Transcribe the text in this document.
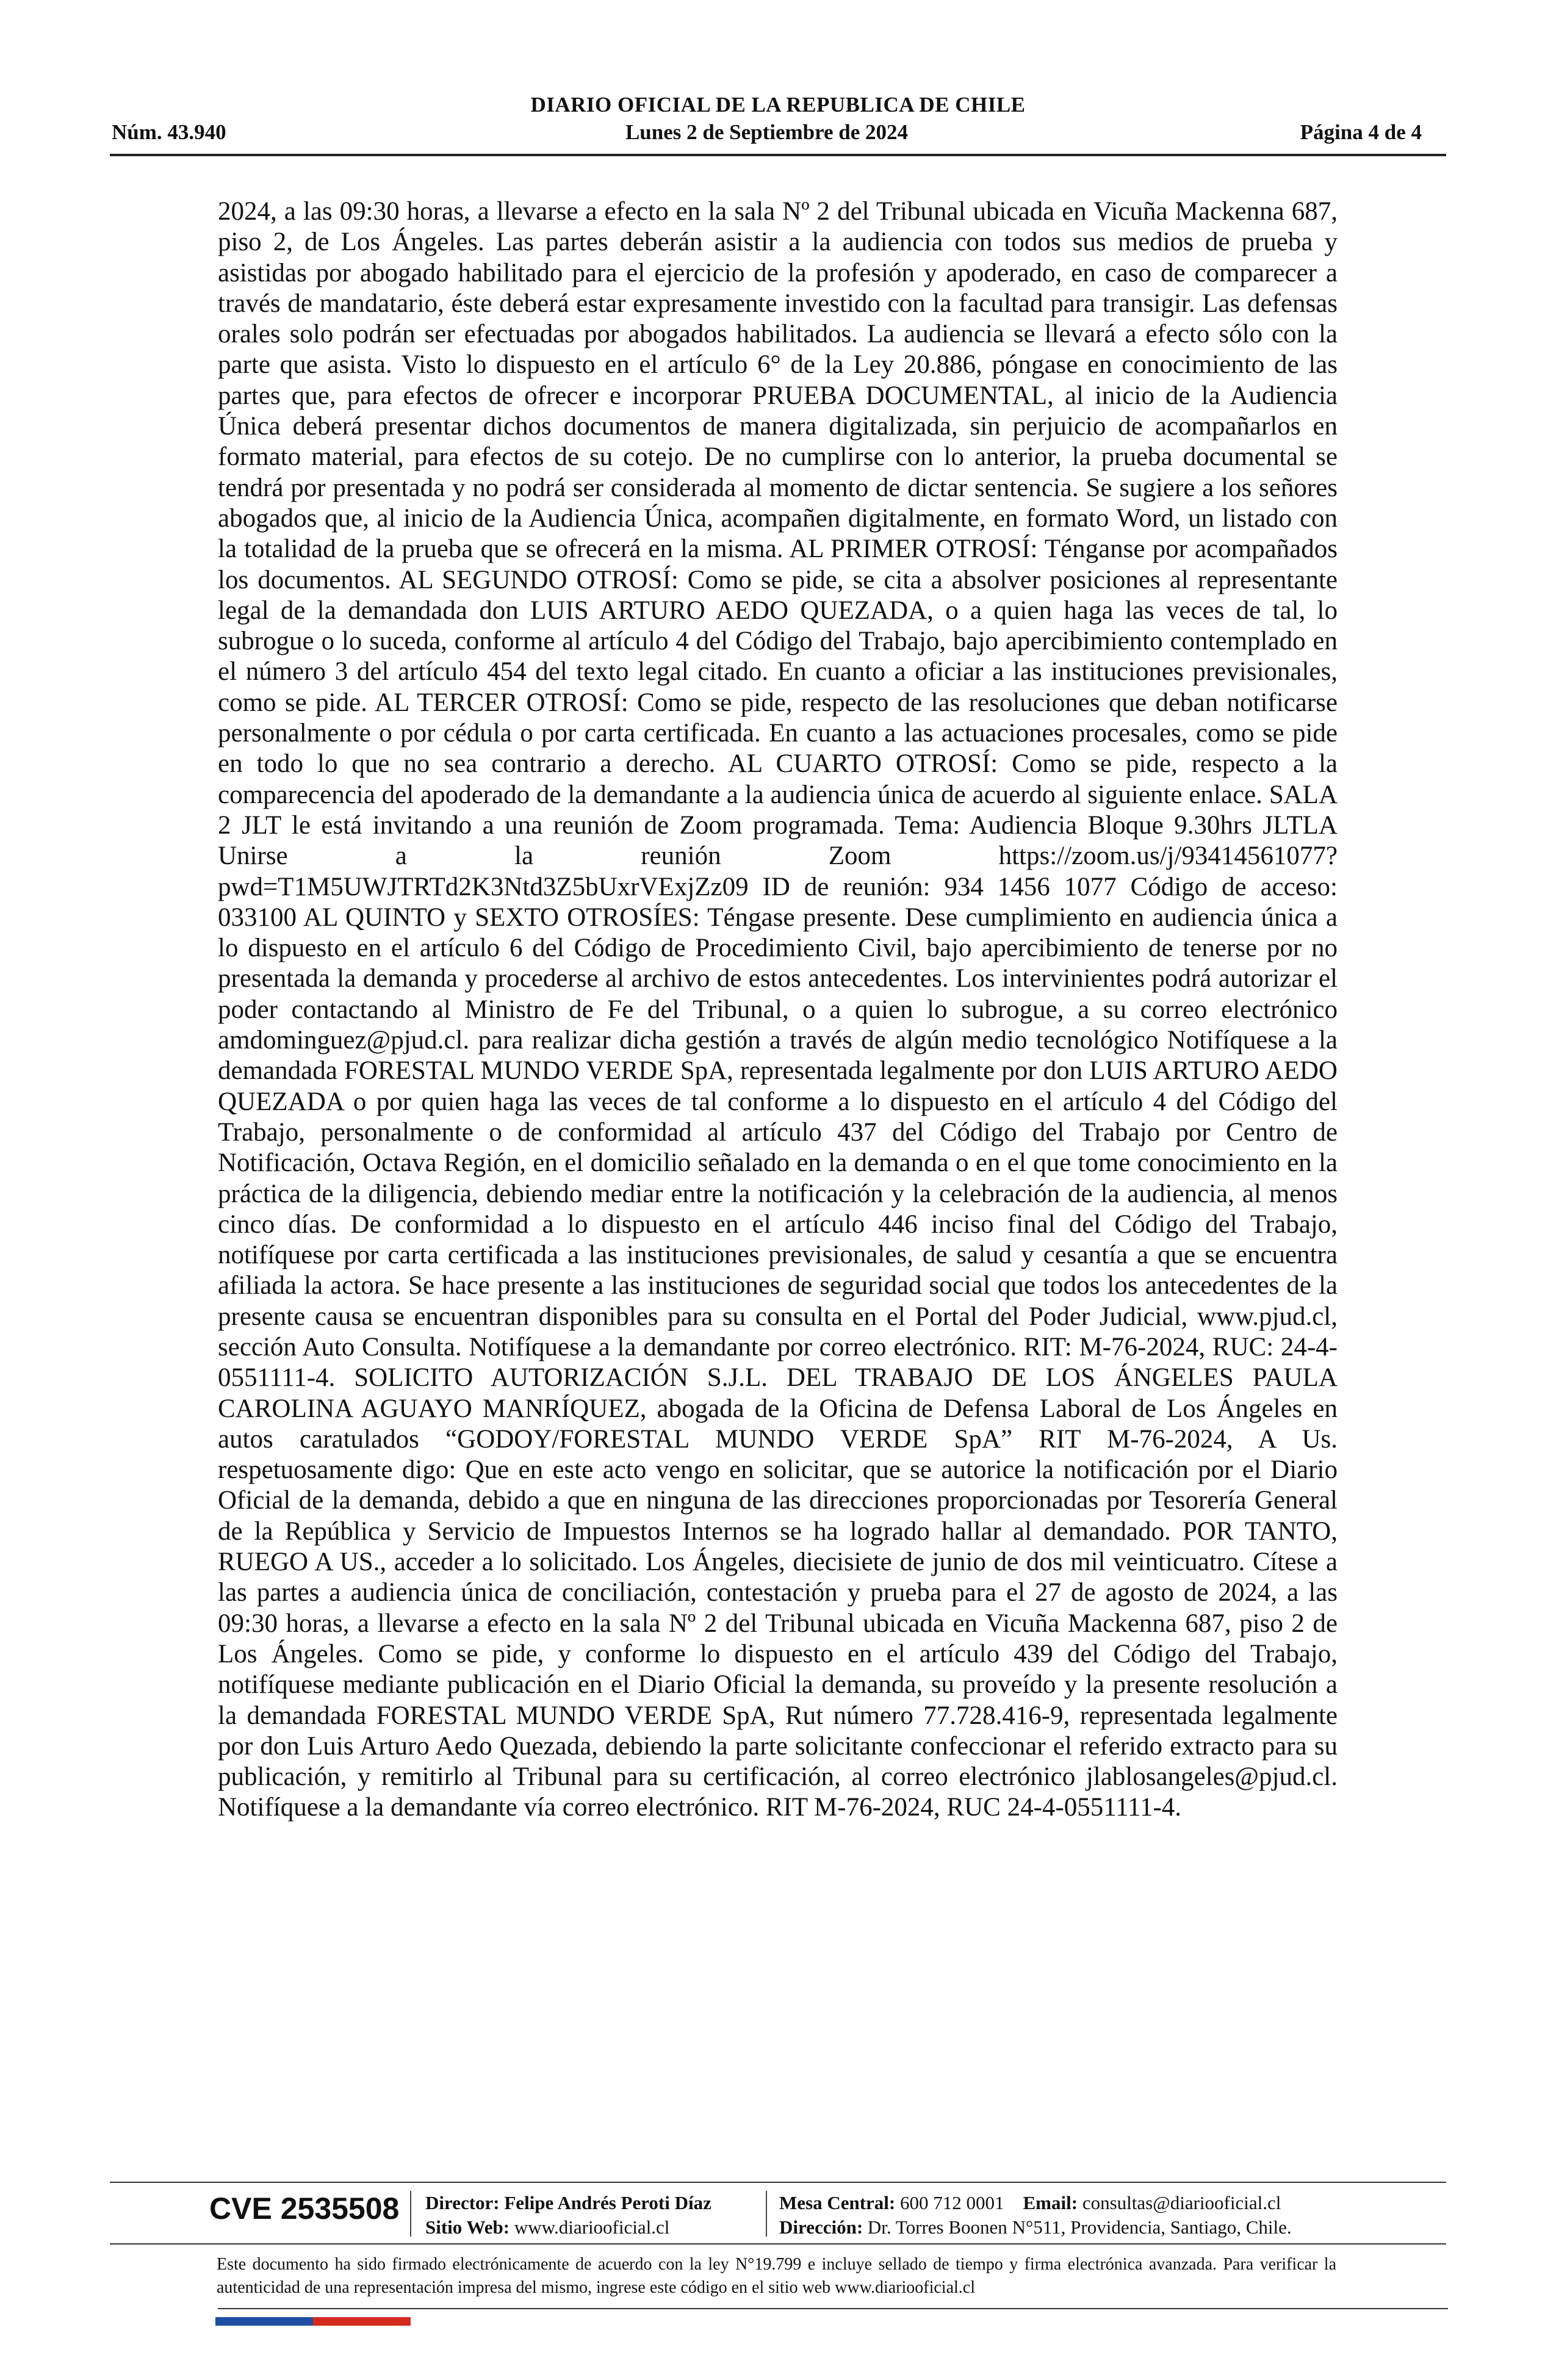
DIARIO OFICIAL DE LA REPUBLICA DE CHILE
Núm. 43.940	Lunes 2 de Septiembre de 2024	Página 4 de 4
2024, a las 09:30 horas, a llevarse a efecto en la sala Nº 2 del Tribunal ubicada en Vicuña Mackenna 687, piso 2, de Los Ángeles. Las partes deberán asistir a la audiencia con todos sus medios de prueba y asistidas por abogado habilitado para el ejercicio de la profesión y apoderado, en caso de comparecer a través de mandatario, éste deberá estar expresamente investido con la facultad para transigir. Las defensas orales solo podrán ser efectuadas por abogados habilitados. La audiencia se llevará a efecto sólo con la parte que asista. Visto lo dispuesto en el artículo 6° de la Ley 20.886, póngase en conocimiento de las partes que, para efectos de ofrecer e incorporar PRUEBA DOCUMENTAL, al inicio de la Audiencia Única deberá presentar dichos documentos de manera digitalizada, sin perjuicio de acompañarlos en formato material, para efectos de su cotejo. De no cumplirse con lo anterior, la prueba documental se tendrá por presentada y no podrá ser considerada al momento de dictar sentencia. Se sugiere a los señores abogados que, al inicio de la Audiencia Única, acompañen digitalmente, en formato Word, un listado con la totalidad de la prueba que se ofrecerá en la misma. AL PRIMER OTROSÍ: Ténganse por acompañados los documentos. AL SEGUNDO OTROSÍ: Como se pide, se cita a absolver posiciones al representante legal de la demandada don LUIS ARTURO AEDO QUEZADA, o a quien haga las veces de tal, lo subrogue o lo suceda, conforme al artículo 4 del Código del Trabajo, bajo apercibimiento contemplado en el número 3 del artículo 454 del texto legal citado. En cuanto a oficiar a las instituciones previsionales, como se pide. AL TERCER OTROSÍ: Como se pide, respecto de las resoluciones que deban notificarse personalmente o por cédula o por carta certificada. En cuanto a las actuaciones procesales, como se pide en todo lo que no sea contrario a derecho. AL CUARTO OTROSÍ: Como se pide, respecto a la comparecencia del apoderado de la demandante a la audiencia única de acuerdo al siguiente enlace. SALA 2 JLT le está invitando a una reunión de Zoom programada. Tema: Audiencia Bloque 9.30hrs JLTLA Unirse a la reunión Zoom https://zoom.us/j/93414561077?pwd=T1M5UWJTRTd2K3Ntd3Z5bUxrVExjZz09 ID de reunión: 934 1456 1077 Código de acceso: 033100 AL QUINTO y SEXTO OTROSÍES: Téngase presente. Dese cumplimiento en audiencia única a lo dispuesto en el artículo 6 del Código de Procedimiento Civil, bajo apercibimiento de tenerse por no presentada la demanda y procederse al archivo de estos antecedentes. Los intervinientes podrá autorizar el poder contactando al Ministro de Fe del Tribunal, o a quien lo subrogue, a su correo electrónico amdominguez@pjud.cl. para realizar dicha gestión a través de algún medio tecnológico Notifíquese a la demandada FORESTAL MUNDO VERDE SpA, representada legalmente por don LUIS ARTURO AEDO QUEZADA o por quien haga las veces de tal conforme a lo dispuesto en el artículo 4 del Código del Trabajo, personalmente o de conformidad al artículo 437 del Código del Trabajo por Centro de Notificación, Octava Región, en el domicilio señalado en la demanda o en el que tome conocimiento en la práctica de la diligencia, debiendo mediar entre la notificación y la celebración de la audiencia, al menos cinco días. De conformidad a lo dispuesto en el artículo 446 inciso final del Código del Trabajo, notifíquese por carta certificada a las instituciones previsionales, de salud y cesantía a que se encuentra afiliada la actora. Se hace presente a las instituciones de seguridad social que todos los antecedentes de la presente causa se encuentran disponibles para su consulta en el Portal del Poder Judicial, www.pjud.cl, sección Auto Consulta. Notifíquese a la demandante por correo electrónico. RIT: M-76-2024, RUC: 24-4-0551111-4. SOLICITO AUTORIZACIÓN S.J.L. DEL TRABAJO DE LOS ÁNGELES PAULA CAROLINA AGUAYO MANRÍQUEZ, abogada de la Oficina de Defensa Laboral de Los Ángeles en autos caratulados “GODOY/FORESTAL MUNDO VERDE SpA” RIT M-76-2024, A Us. respetuosamente digo: Que en este acto vengo en solicitar, que se autorice la notificación por el Diario Oficial de la demanda, debido a que en ninguna de las direcciones proporcionadas por Tesorería General de la República y Servicio de Impuestos Internos se ha logrado hallar al demandado. POR TANTO, RUEGO A US., acceder a lo solicitado. Los Ángeles, diecisiete de junio de dos mil veinticuatro. Cítese a las partes a audiencia única de conciliación, contestación y prueba para el 27 de agosto de 2024, a las 09:30 horas, a llevarse a efecto en la sala Nº 2 del Tribunal ubicada en Vicuña Mackenna 687, piso 2 de Los Ángeles. Como se pide, y conforme lo dispuesto en el artículo 439 del Código del Trabajo, notifíquese mediante publicación en el Diario Oficial la demanda, su proveído y la presente resolución a la demandada FORESTAL MUNDO VERDE SpA, Rut número 77.728.416-9, representada legalmente por don Luis Arturo Aedo Quezada, debiendo la parte solicitante confeccionar el referido extracto para su publicación, y remitirlo al Tribunal para su certificación, al correo electrónico jlablosangeles@pjud.cl. Notifíquese a la demandante vía correo electrónico. RIT M-76-2024, RUC 24-4-0551111-4.
CVE 2535508 Director: Felipe Andrés Peroti Díaz
Sitio Web: www.diariooficial.cl
Mesa Central: 600 712 0001 Email: consultas@diariooficial.cl
Dirección: Dr. Torres Boonen N°511, Providencia, Santiago, Chile.
Este documento ha sido firmado electrónicamente de acuerdo con la ley N°19.799 e incluye sellado de tiempo y firma electrónica avanzada. Para verificar la autenticidad de una representación impresa del mismo, ingrese este código en el sitio web www.diariooficial.cl
